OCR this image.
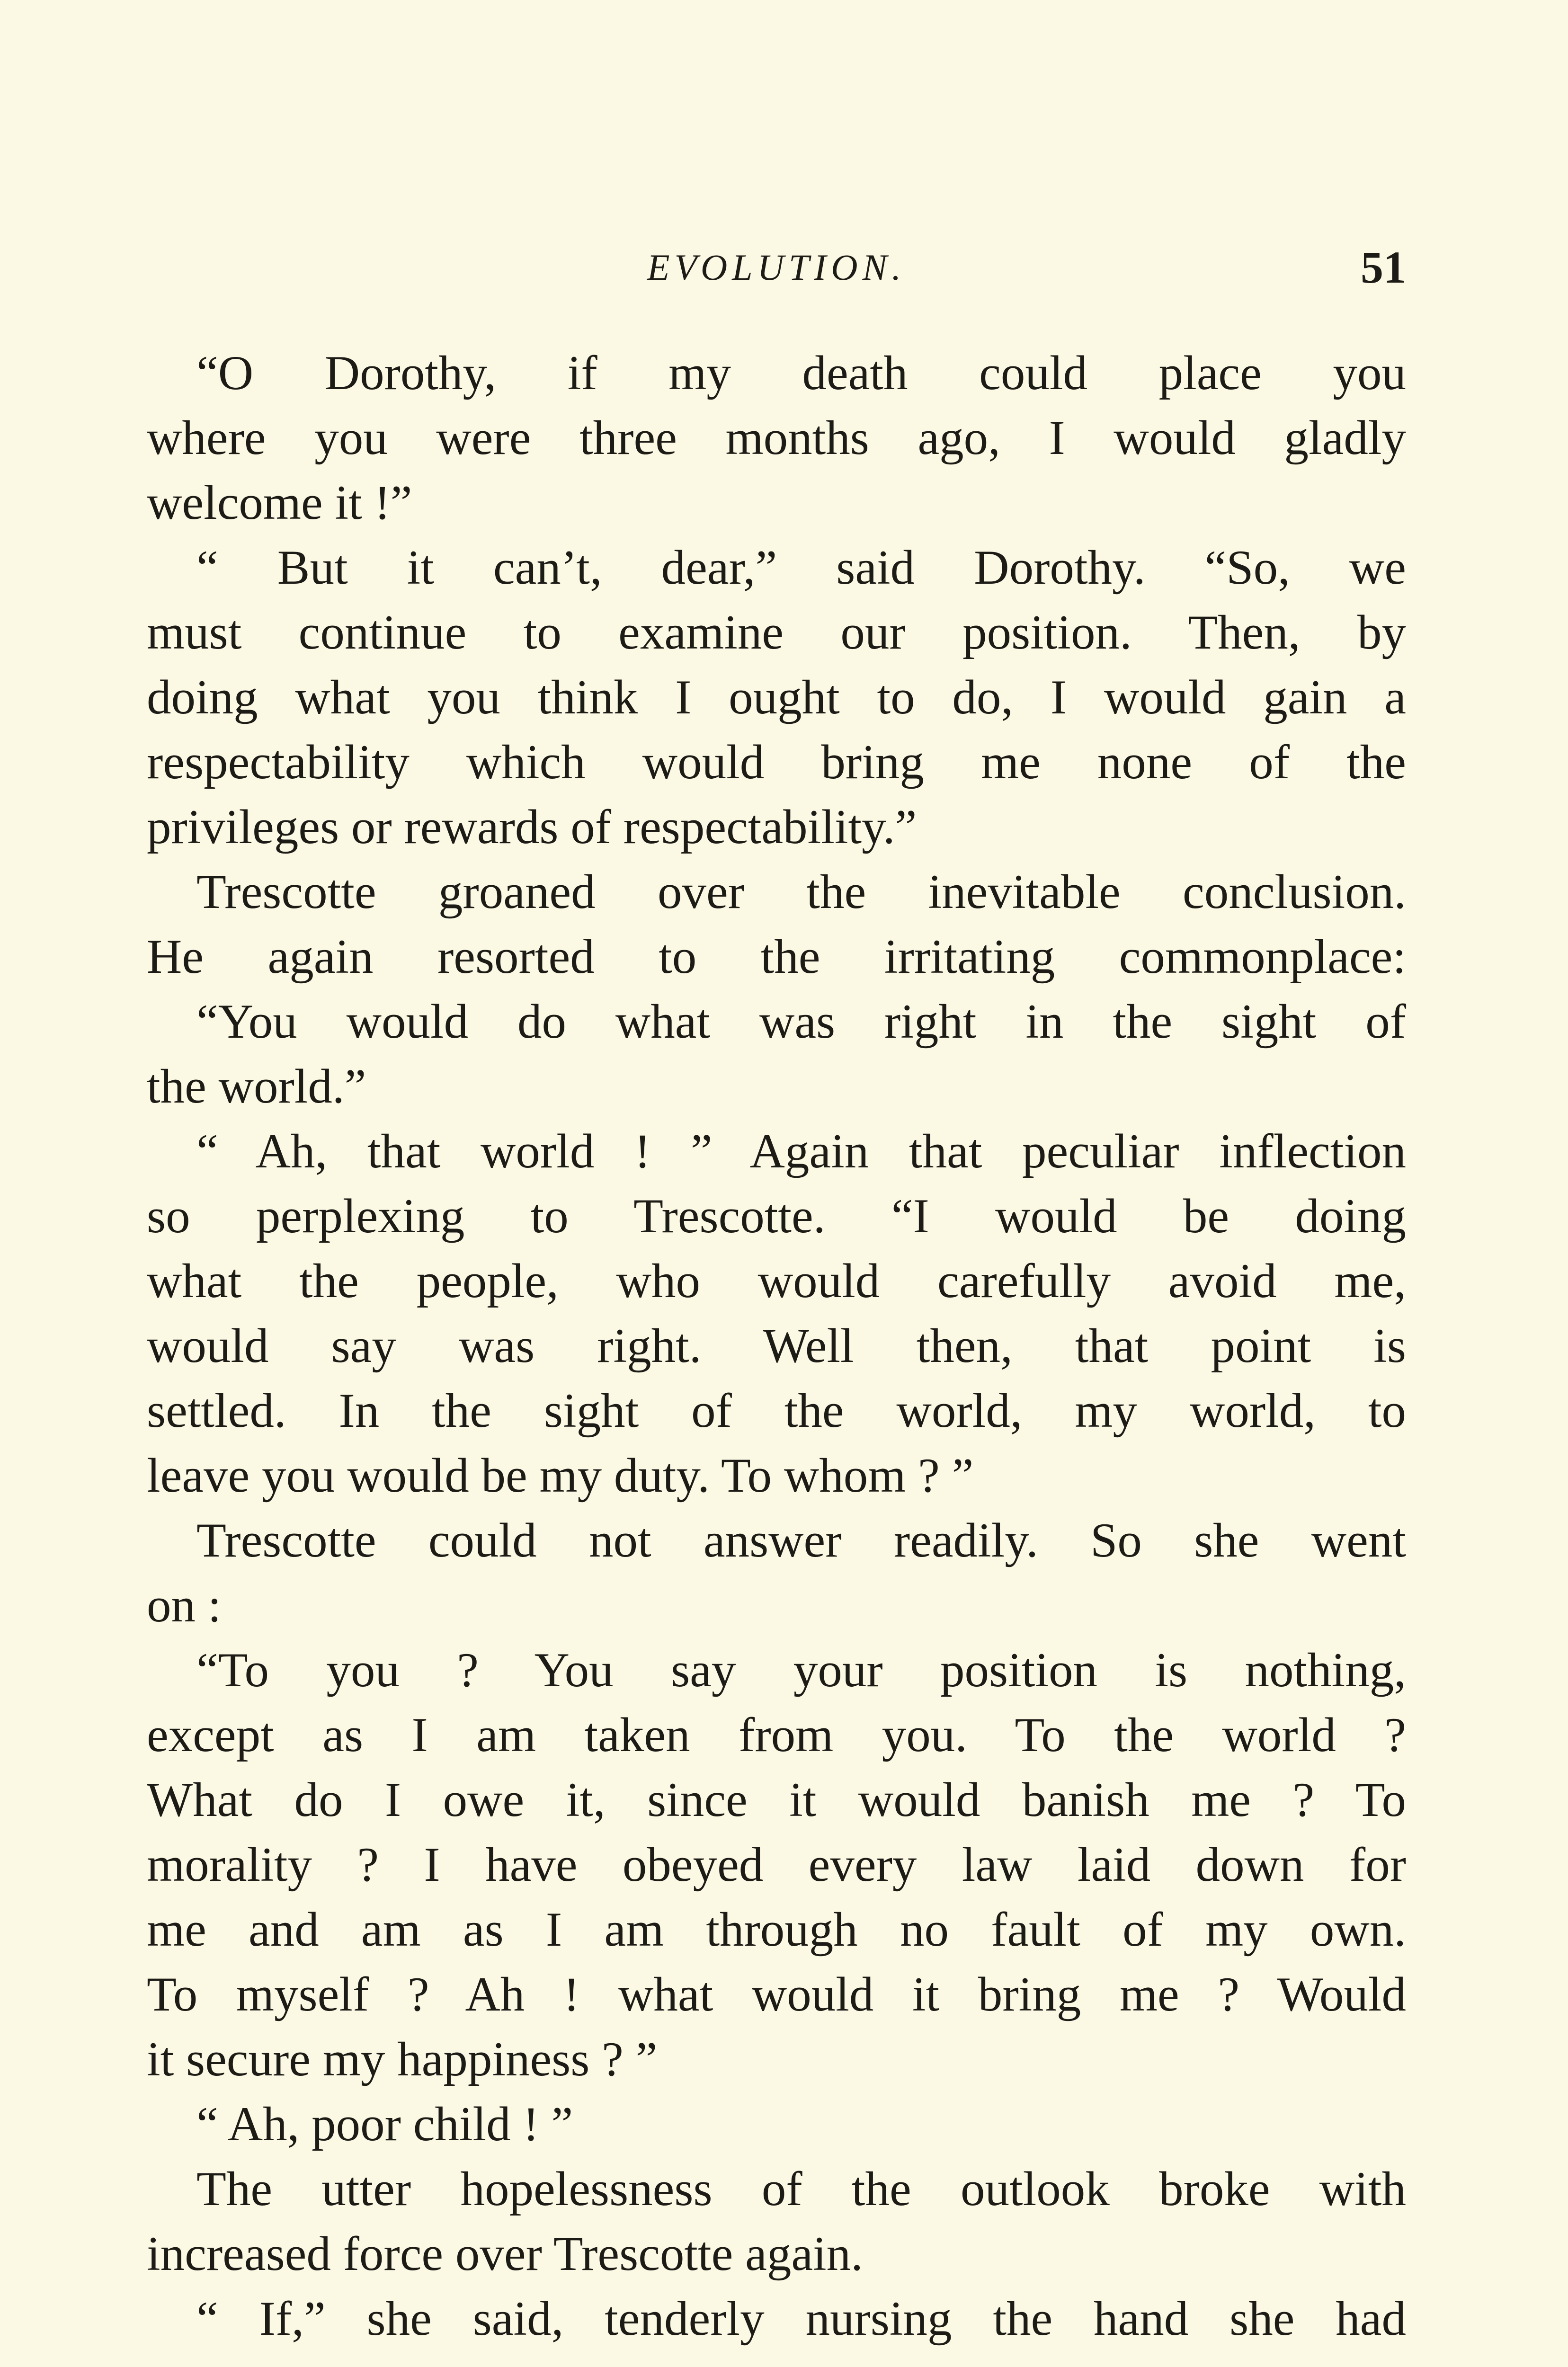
EVOLUTION.	51
“O Dorothy, if my death could place you
where you were three months ago, I would gladly
welcome it !”
“ But it can’t, dear,” said Dorothy. “So, we
must continue to examine our position. Then, by
doing what you think I ought to do, I would gain a
respectability which would bring me none of the
privileges or rewards of respectability.”
Trescotte groaned over the inevitable conclusion.
He again resorted to the irritating commonplace:
“You would do what was right in the sight of
the world.”
“ Ah, that world ! ” Again that peculiar inflection
so perplexing to Trescotte. “I would be doing
what the people, who would carefully avoid me,
would say was right. Well then, that point is
settled. In the sight of the world, my world, to
leave you would be my duty. To whom ? ”
Trescotte could not answer readily. So she went
on :
“To you ? You say your position is nothing,
except as I am taken from you. To the world ?
What do I owe it, since it would banish me ? To
morality ? I have obeyed every law laid down for
me and am as I am through no fault of my own.
To myself ? Ah ! what would it bring me ? Would
it secure my happiness ? ”
“ Ah, poor child ! ”
The utter hopelessness of the outlook broke with
increased force over Trescotte again.
“ If,” she said, tenderly nursing the hand she had
